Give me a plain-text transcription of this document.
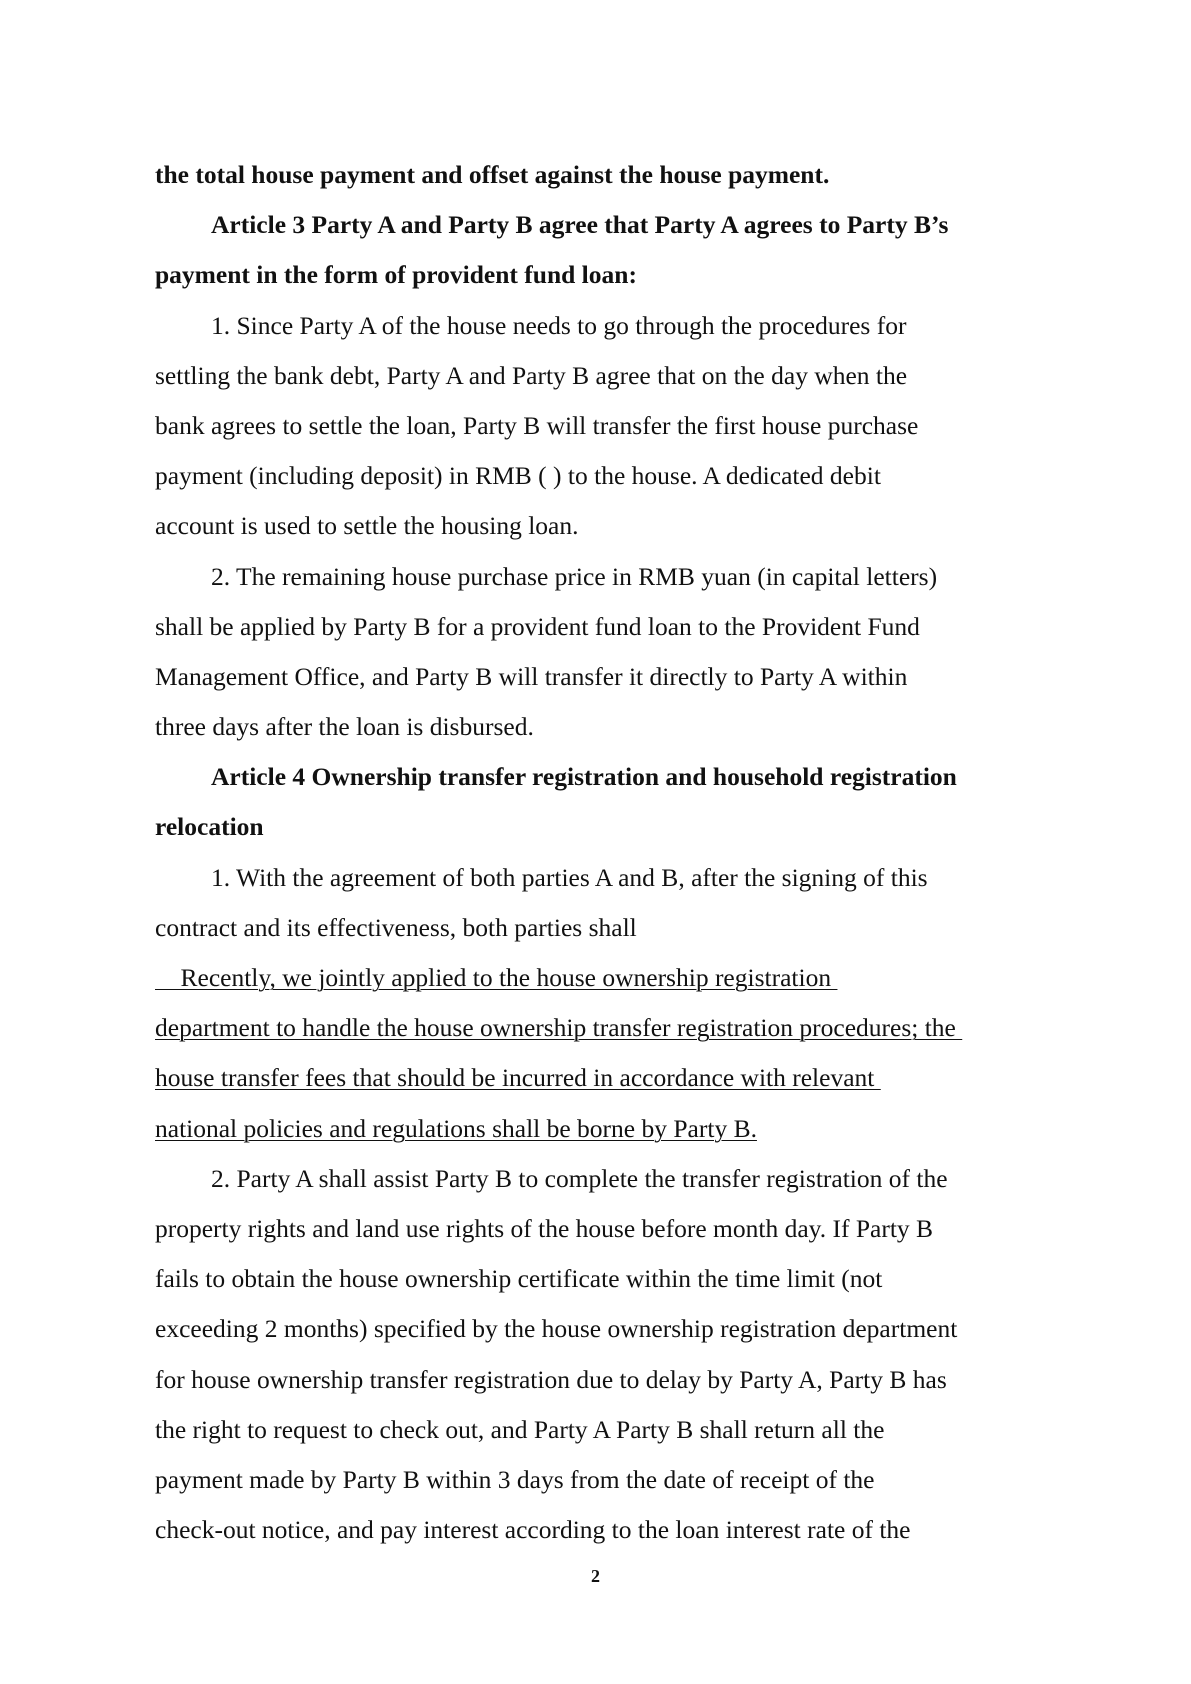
the total house payment and offset against the house payment.
Article 3 Party A and Party B agree that Party A agrees to Party B’s
payment in the form of provident fund loan:
1. Since Party A of the house needs to go through the procedures for
settling the bank debt, Party A and Party B agree that on the day when the
bank agrees to settle the loan, Party B will transfer the first house purchase
payment (including deposit) in RMB ( ) to the house. A dedicated debit
account is used to settle the housing loan.
2. The remaining house purchase price in RMB yuan (in capital letters)
shall be applied by Party B for a provident fund loan to the Provident Fund
Management Office, and Party B will transfer it directly to Party A within
three days after the loan is disbursed.
Article 4 Ownership transfer registration and household registration
relocation
1. With the agreement of both parties A and B, after the signing of this
contract and its effectiveness, both parties shall
Recently, we jointly applied to the house ownership registration
department to handle the house ownership transfer registration procedures; the
house transfer fees that should be incurred in accordance with relevant
national policies and regulations shall be borne by Party B.
2. Party A shall assist Party B to complete the transfer registration of the
property rights and land use rights of the house before month day. If Party B
fails to obtain the house ownership certificate within the time limit (not
exceeding 2 months) specified by the house ownership registration department
for house ownership transfer registration due to delay by Party A, Party B has
the right to request to check out, and Party A Party B shall return all the
payment made by Party B within 3 days from the date of receipt of the
check-out notice, and pay interest according to the loan interest rate of the
2
